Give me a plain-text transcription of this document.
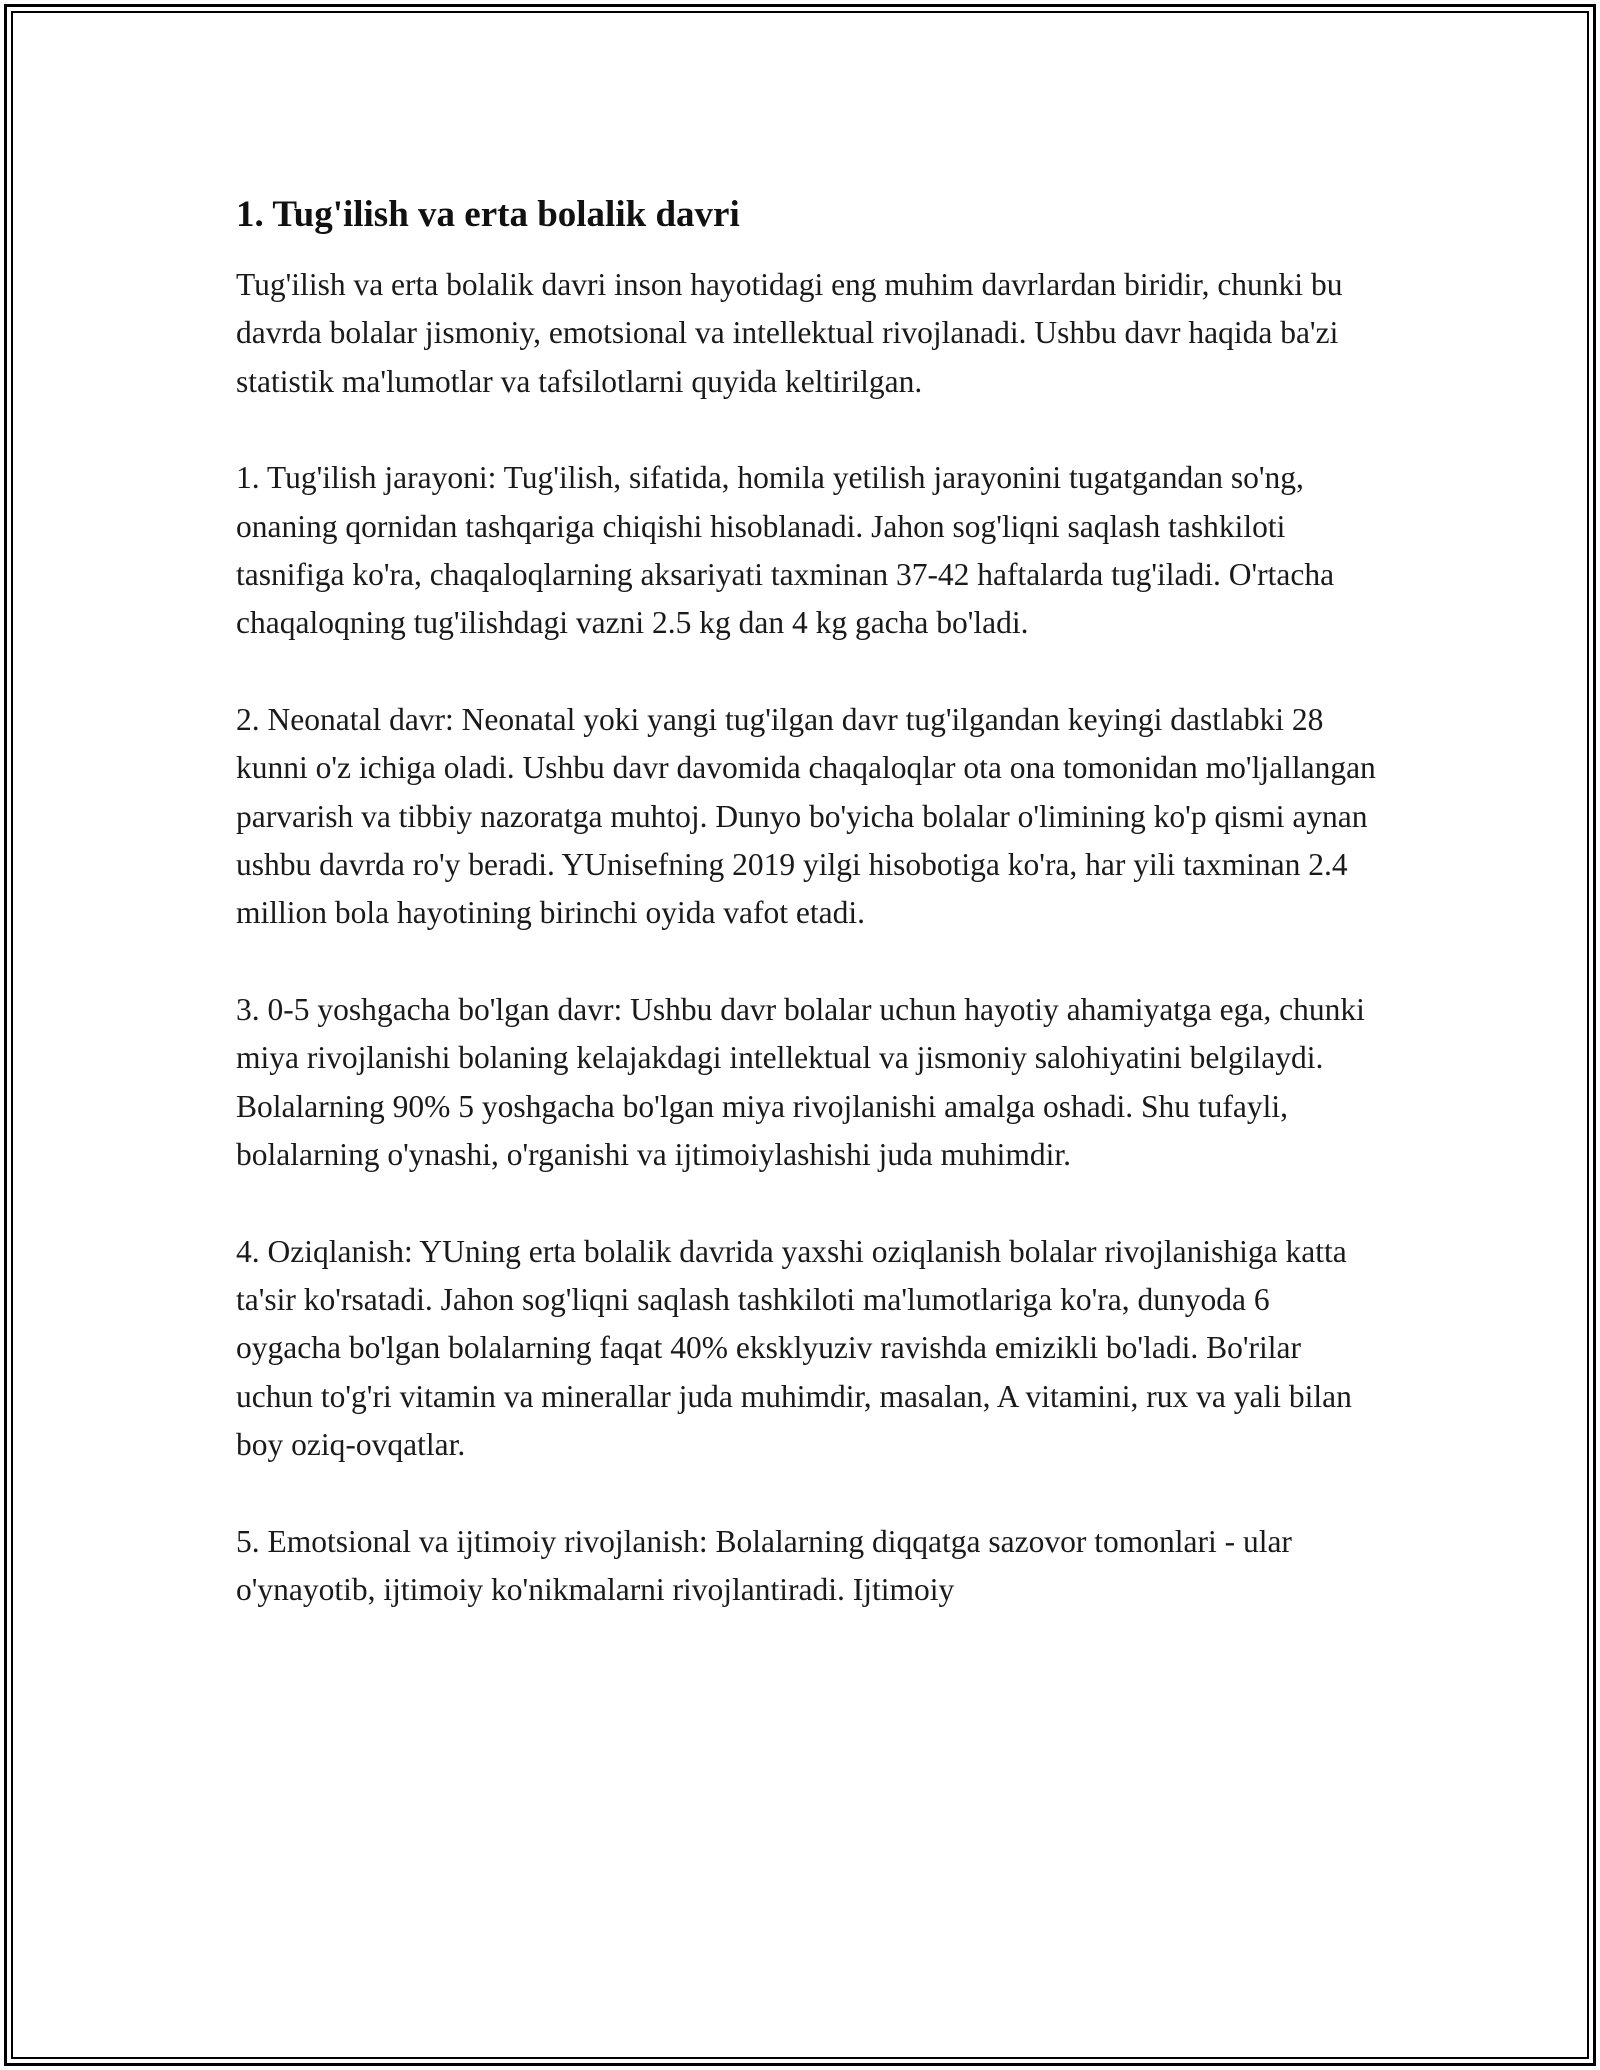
1. Tug'ilish va erta bolalik davri

Tug'ilish va erta bolalik davri inson hayotidagi eng muhim davrlardan biridir, chunki bu davrda bolalar jismoniy, emotsional va intellektual rivojlanadi. Ushbu davr haqida ba'zi statistik ma'lumotlar va tafsilotlarni quyida keltirilgan.

1. Tug'ilish jarayoni: Tug'ilish, sifatida, homila yetilish jarayonini tugatgandan so'ng, onaning qornidan tashqariga chiqishi hisoblanadi. Jahon sog'liqni saqlash tashkiloti tasnifiga ko'ra, chaqaloqlarning aksariyati taxminan 37-42 haftalarda tug'iladi. O'rtacha chaqaloqning tug'ilishdagi vazni 2.5 kg dan 4 kg gacha bo'ladi.

2. Neonatal davr: Neonatal yoki yangi tug'ilgan davr tug'ilgandan keyingi dastlabki 28 kunni o'z ichiga oladi. Ushbu davr davomida chaqaloqlar ota ona tomonidan mo'ljallangan parvarish va tibbiy nazoratga muhtoj. Dunyo bo'yicha bolalar o'limining ko'p qismi aynan ushbu davrda ro'y beradi. YUnisefning 2019 yilgi hisobotiga ko'ra, har yili taxminan 2.4 million bola hayotining birinchi oyida vafot etadi.

3. 0-5 yoshgacha bo'lgan davr: Ushbu davr bolalar uchun hayotiy ahamiyatga ega, chunki miya rivojlanishi bolaning kelajakdagi intellektual va jismoniy salohiyatini belgilaydi. Bolalarning 90% 5 yoshgacha bo'lgan miya rivojlanishi amalga oshadi. Shu tufayli, bolalarning o'ynashi, o'rganishi va ijtimoiylashishi juda muhimdir.

4. Oziqlanish: YUning erta bolalik davrida yaxshi oziqlanish bolalar rivojlanishiga katta ta'sir ko'rsatadi. Jahon sog'liqni saqlash tashkiloti ma'lumotlariga ko'ra, dunyoda 6 oygacha bo'lgan bolalarning faqat 40% eksklyuziv ravishda emizikli bo'ladi. Bo'rilar uchun to'g'ri vitamin va minerallar juda muhimdir, masalan, A vitamini, rux va yali bilan boy oziq-ovqatlar.

5. Emotsional va ijtimoiy rivojlanish: Bolalarning diqqatga sazovor tomonlari - ular o'ynayotib, ijtimoiy ko'nikmalarni rivojlantiradi. Ijtimoiy
